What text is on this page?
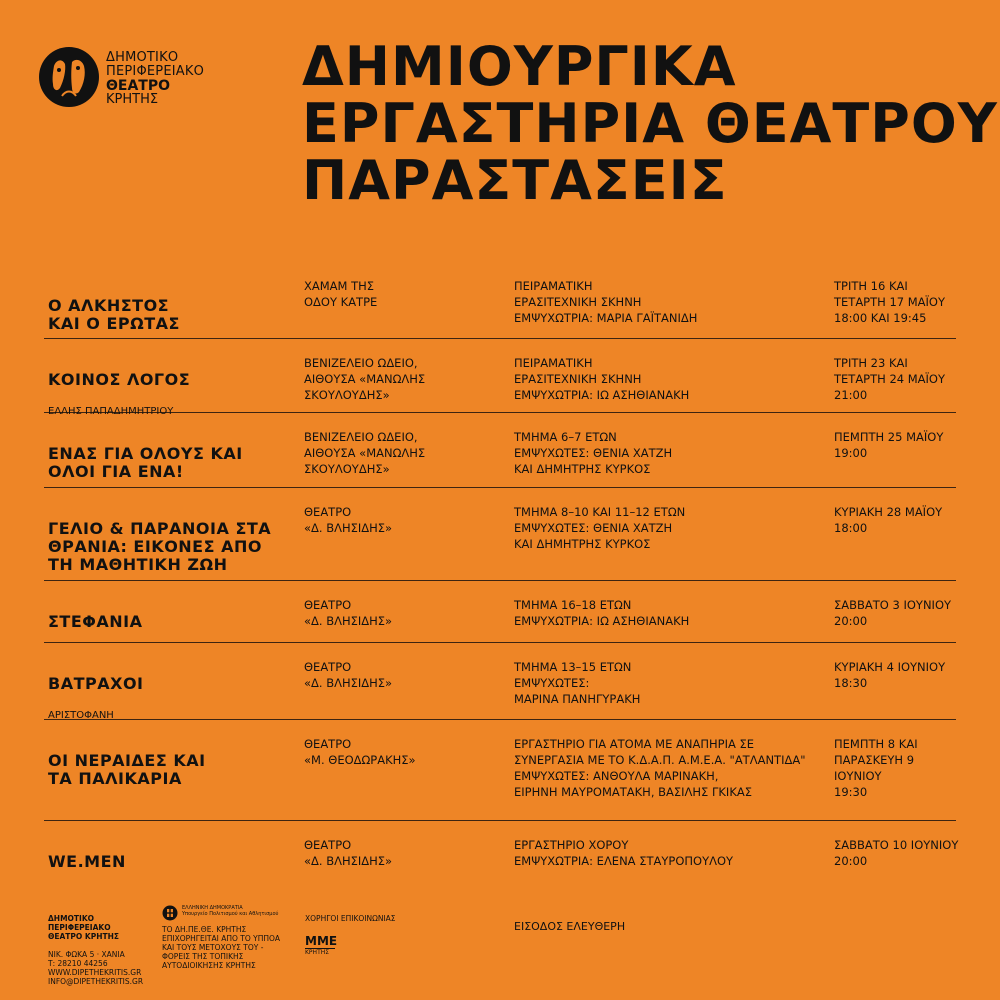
ΔΗΜΟΤΙΚΟ
ΠΕΡΙΦΕΡΕΙΑΚΟ
ΘΕΑΤΡΟ
ΚΡΗΤΗΣ
ΔΗΜΙΟΥΡΓΙΚΑ
ΕΡΓΑΣΤΗΡΙΑ ΘΕΑΤΡΟΥ
ΠΑΡΑΣΤΑΣΕΙΣ

Ο ΑΛΚΗΣΤΟΣ
ΚΑΙ Ο ΕΡΩΤΑΣ

ΧΑΜΑΜ ΤΗΣ
ΟΔΟΥ ΚΑΤΡΕ
ΠΕΙΡΑΜΑΤΙΚΗ
ΕΡΑΣΙΤΕΧΝΙΚΗ ΣΚΗΝΗ
ΕΜΨΥΧΩΤΡΙΑ: ΜΑΡΙΑ ΓΑΪΤΑΝΙΔΗ
ΤΡΙΤΗ 16 ΚΑΙ
ΤΕΤΑΡΤΗ 17 ΜΑΪΟΥ
18:00 ΚΑΙ 19:45

ΚΟΙΝΟΣ ΛΟΓΟΣ

ΕΛΛΗΣ ΠΑΠΑΔΗΜΗΤΡΙΟΥ

ΒΕΝΙΖΕΛΕΙΟ ΩΔΕΙΟ,
ΑΙΘΟΥΣΑ «ΜΑΝΩΛΗΣ
ΣΚΟΥΛΟΥΔΗΣ»
ΠΕΙΡΑΜΑΤΙΚΗ
ΕΡΑΣΙΤΕΧΝΙΚΗ ΣΚΗΝΗ
ΕΜΨΥΧΩΤΡΙΑ: ΙΩ ΑΣΗΘΙΑΝΑΚΗ
ΤΡΙΤΗ 23 ΚΑΙ
ΤΕΤΑΡΤΗ 24 ΜΑΪΟΥ
21:00

ΕΝΑΣ ΓΙΑ ΟΛΟΥΣ ΚΑΙ
ΟΛΟΙ ΓΙΑ ΕΝΑ!

ΒΕΝΙΖΕΛΕΙΟ ΩΔΕΙΟ,
ΑΙΘΟΥΣΑ «ΜΑΝΩΛΗΣ
ΣΚΟΥΛΟΥΔΗΣ»
ΤΜΗΜΑ 6–7 ΕΤΩΝ
ΕΜΨΥΧΩΤΕΣ: ΘΕΝΙΑ ΧΑΤΖΗ
ΚΑΙ ΔΗΜΗΤΡΗΣ ΚΥΡΚΟΣ
ΠΕΜΠΤΗ 25 ΜΑΪΟΥ
19:00

ΓΕΛΙΟ & ΠΑΡΑΝΟΙΑ ΣΤΑ
ΘΡΑΝΙΑ: ΕΙΚΟΝΕΣ ΑΠΟ
ΤΗ ΜΑΘΗΤΙΚΗ ΖΩΗ

ΘΕΑΤΡΟ
«Δ. ΒΛΗΣΙΔΗΣ»
ΤΜΗΜΑ 8–10 ΚΑΙ 11–12 ΕΤΩΝ
ΕΜΨΥΧΩΤΕΣ: ΘΕΝΙΑ ΧΑΤΖΗ
ΚΑΙ ΔΗΜΗΤΡΗΣ ΚΥΡΚΟΣ
ΚΥΡΙΑΚΗ 28 ΜΑΪΟΥ
18:00

ΣΤΕΦΑΝΙΑ

ΘΕΑΤΡΟ
«Δ. ΒΛΗΣΙΔΗΣ»
ΤΜΗΜΑ 16–18 ΕΤΩΝ
ΕΜΨΥΧΩΤΡΙΑ: ΙΩ ΑΣΗΘΙΑΝΑΚΗ
ΣΑΒΒΑΤΟ 3 ΙΟΥΝΙΟΥ
20:00

ΒΑΤΡΑΧΟΙ

ΑΡΙΣΤΟΦΑΝΗ

ΘΕΑΤΡΟ
«Δ. ΒΛΗΣΙΔΗΣ»
ΤΜΗΜΑ 13–15 ΕΤΩΝ
ΕΜΨΥΧΩΤΕΣ:
ΜΑΡΙΝΑ ΠΑΝΗΓΥΡΑΚΗ
ΚΥΡΙΑΚΗ 4 ΙΟΥΝΙΟΥ
18:30

ΟΙ ΝΕΡΑΙΔΕΣ ΚΑΙ
ΤΑ ΠΑΛΙΚΑΡΙΑ

ΘΕΑΤΡΟ
«Μ. ΘΕΟΔΩΡΑΚΗΣ»
ΕΡΓΑΣΤΗΡΙΟ ΓΙΑ ΑΤΟΜΑ ΜΕ ΑΝΑΠΗΡΙΑ ΣΕ
ΣΥΝΕΡΓΑΣΙΑ ΜΕ ΤΟ Κ.Δ.Α.Π. Α.Μ.Ε.Α. "ΑΤΛΑΝΤΙΔΑ"
ΕΜΨΥΧΩΤΕΣ: ΑΝΘΟΥΛΑ ΜΑΡΙΝΑΚΗ,
ΕΙΡΗΝΗ ΜΑΥΡΟΜΑΤΑΚΗ, ΒΑΣΙΛΗΣ ΓΚΙΚΑΣ
ΠΕΜΠΤΗ 8 ΚΑΙ
ΠΑΡΑΣΚΕΥΗ 9
ΙΟΥΝΙΟΥ
19:30

WE.MEN

ΘΕΑΤΡΟ
«Δ. ΒΛΗΣΙΔΗΣ»
ΕΡΓΑΣΤΗΡΙΟ ΧΟΡΟΥ
ΕΜΨΥΧΩΤΡΙΑ: ΕΛΕΝΑ ΣΤΑΥΡΟΠΟΥΛΟΥ
ΣΑΒΒΑΤΟ 10 ΙΟΥΝΙΟΥ
20:00

ΔΗΜΟΤΙΚΟ
ΠΕΡΙΦΕΡΕΙΑΚΟ
ΘΕΑΤΡΟ ΚΡΗΤΗΣ

ΝΙΚ. ΦΩΚΑ 5 · ΧΑΝΙΑ
Τ: 28210 44256
WWW.DIPETHEKRITIS.GR
INFO@DIPETHEKRITIS.GR

ΕΛΛΗΝΙΚΗ ΔΗΜΟΚΡΑΤΙΑ
Υπουργείο Πολιτισμού και Αθλητισμού

ΤΟ ΔΗ.ΠΕ.ΘΕ. ΚΡΗΤΗΣ
ΕΠΙΧΟΡΗΓΕΙΤΑΙ ΑΠΟ ΤΟ ΥΠΠΟΑ
ΚΑΙ ΤΟΥΣ ΜΕΤΟΧΟΥΣ ΤΟΥ -
ΦΟΡΕΙΣ ΤΗΣ ΤΟΠΙΚΗΣ
ΑΥΤΟΔΙΟΙΚΗΣΗΣ ΚΡΗΤΗΣ

ΧΟΡΗΓΟΙ ΕΠΙΚΟΙΝΩΝΙΑΣ

ΜΜΕ

ΚΡΗΤΗΣ

ΕΙΣΟΔΟΣ ΕΛΕΥΘΕΡΗ
